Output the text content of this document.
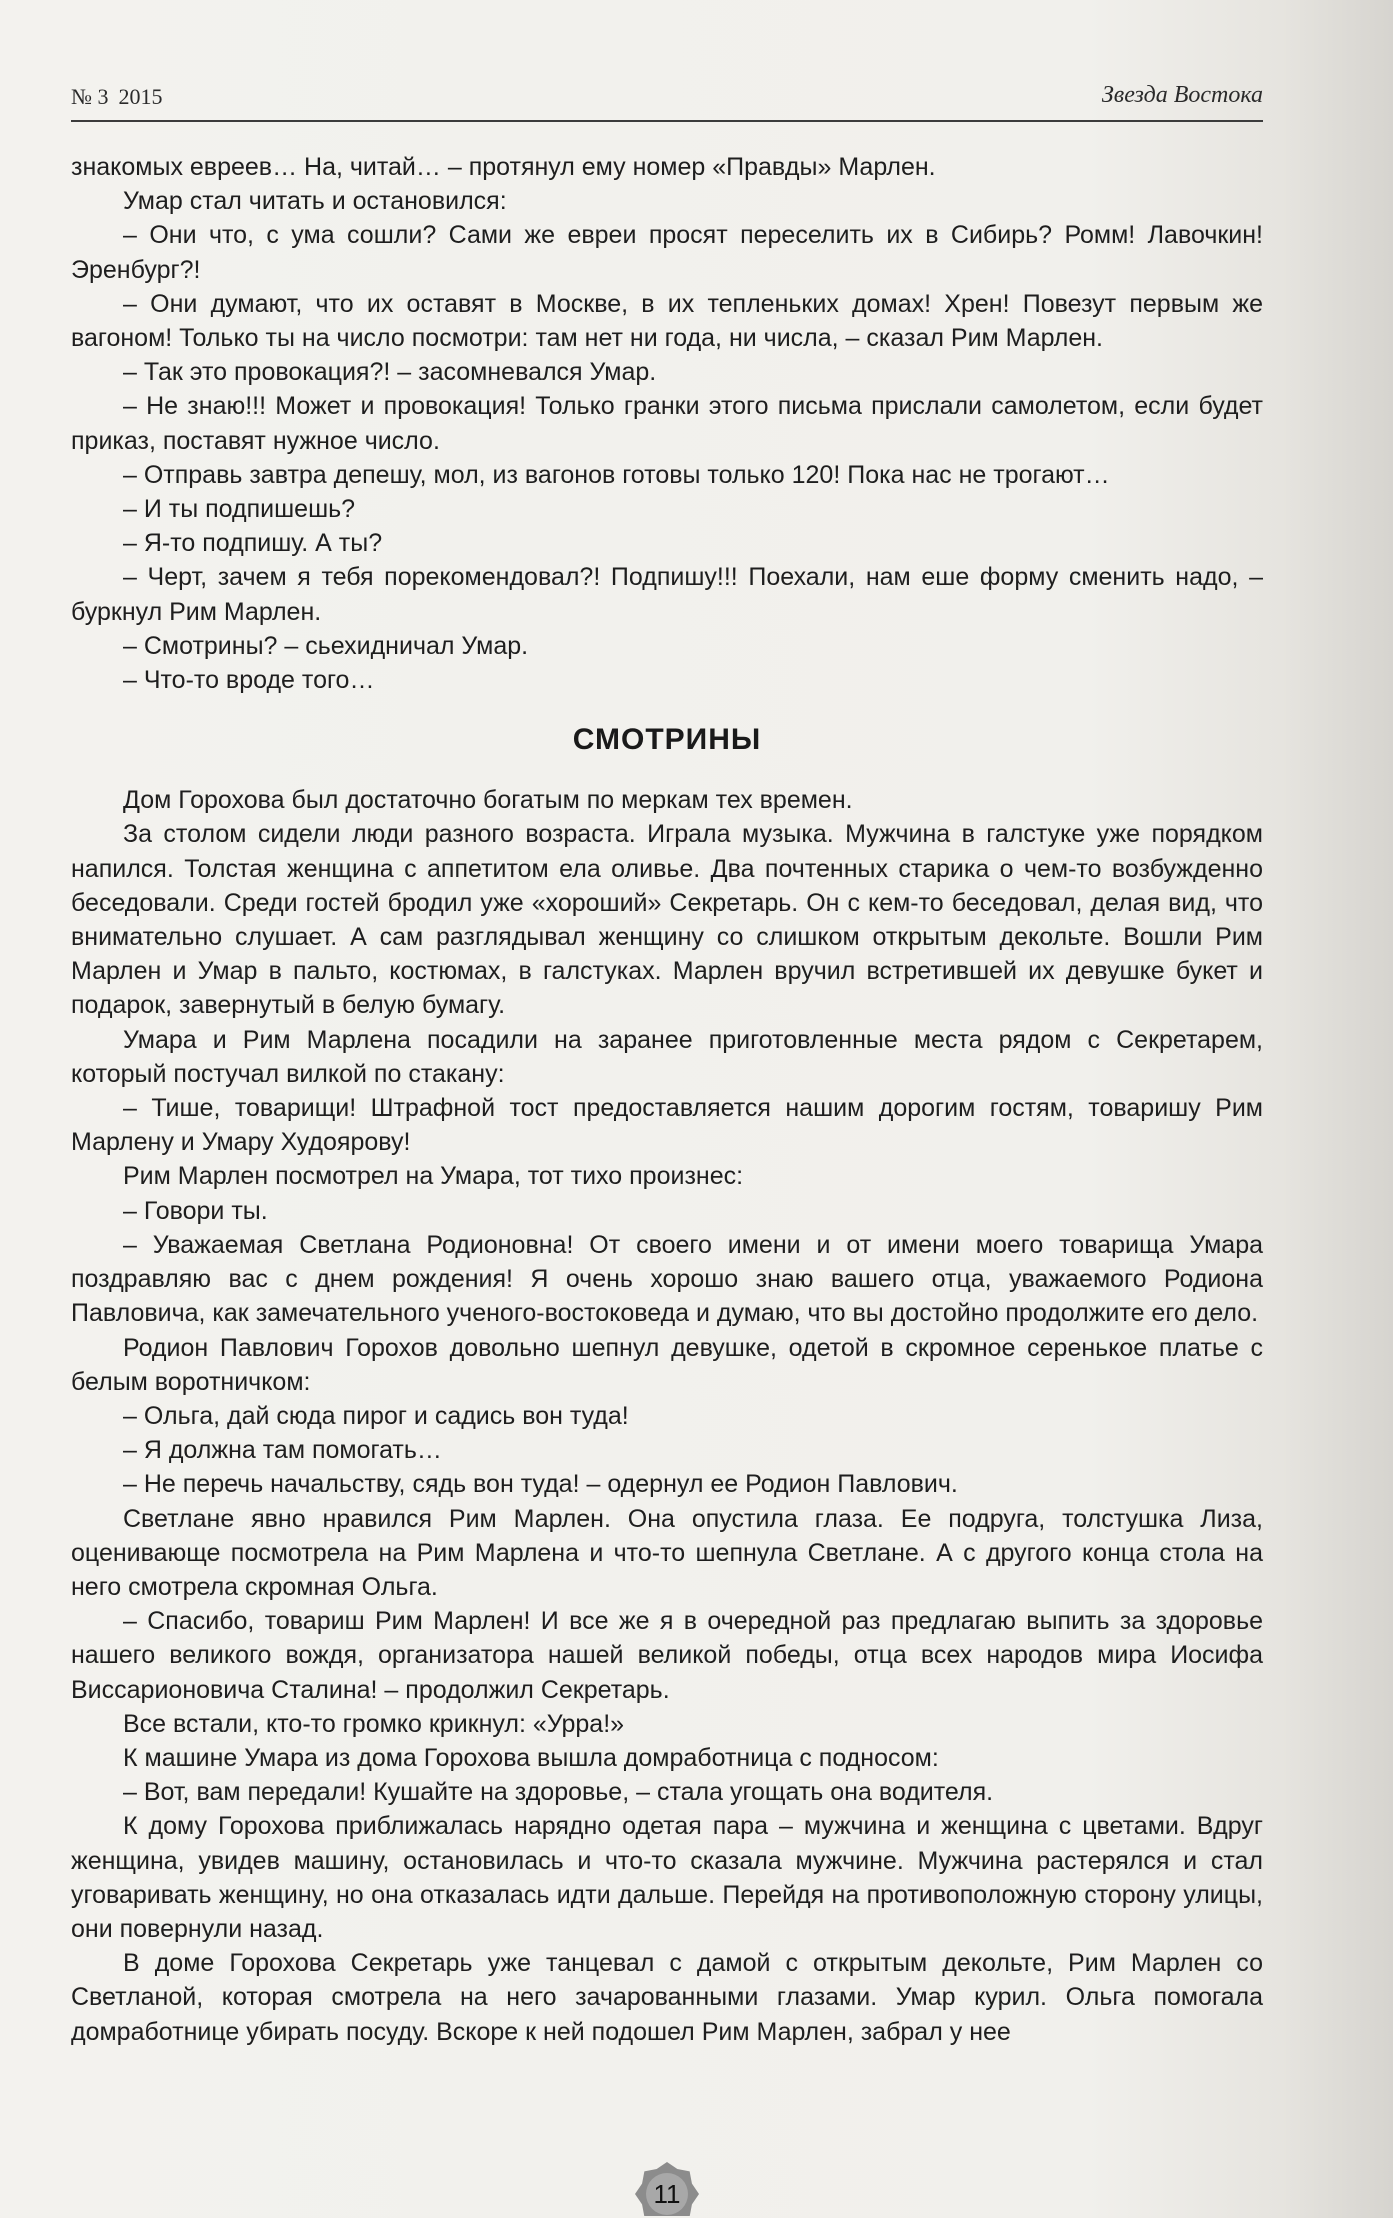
№ 3 2015	Звезда Востока

знакомых евреев… На, читай… – протянул ему номер «Правды» Марлен.

Умар стал читать и остановился:

– Они что, с ума сошли? Сами же евреи просят переселить их в Сибирь? Ромм! Лавочкин! Эренбург?!

– Они думают, что их оставят в Москве, в их тепленьких домах! Хрен! Повезут первым же вагоном! Только ты на число посмотри: там нет ни года, ни числа, – сказал Рим Марлен.

– Так это провокация?! – засомневался Умар.

– Не знаю!!! Может и провокация! Только гранки этого письма прислали самолетом, если будет приказ, поставят нужное число.

– Отправь завтра депешу, мол, из вагонов готовы только 120! Пока нас не трогают…

– И ты подпишешь?

– Я-то подпишу. А ты?

– Черт, зачем я тебя порекомендовал?! Подпишу!!! Поехали, нам еше форму сменить надо, – буркнул Рим Марлен.

– Смотрины? – сьехидничал Умар.

– Что-то вроде того…

СМОТРИНЫ

Дом Горохова был достаточно богатым по меркам тех времен.

За столом сидели люди разного возраста. Играла музыка. Мужчина в галстуке уже порядком напился. Толстая женщина с аппетитом ела оливье. Два почтенных старика о чем-то возбужденно беседовали. Среди гостей бродил уже «хороший» Секретарь. Он с кем-то беседовал, делая вид, что внимательно слушает. А сам разглядывал женщину со слишком открытым декольте. Вошли Рим Марлен и Умар в пальто, костюмах, в галстуках. Марлен вручил встретившей их девушке букет и подарок, завернутый в белую бумагу.

Умара и Рим Марлена посадили на заранее приготовленные места рядом с Секретарем, который постучал вилкой по стакану:

– Тише, товарищи! Штрафной тост предоставляется нашим дорогим гостям, товаришу Рим Марлену и Умару Худоярову!

Рим Марлен посмотрел на Умара, тот тихо произнес:

– Говори ты.

– Уважаемая Светлана Родионовна! От своего имени и от имени моего товарища Умара поздравляю вас с днем рождения! Я очень хорошо знаю вашего отца, уважаемого Родиона Павловича, как замечательного ученого-востоковеда и думаю, что вы достойно продолжите его дело.

Родион Павлович Горохов довольно шепнул девушке, одетой в скромное серенькое платье с белым воротничком:

– Ольга, дай сюда пирог и садись вон туда!

– Я должна там помогать…

– Не перечь начальству, сядь вон туда! – одернул ее Родион Павлович.

Светлане явно нравился Рим Марлен. Она опустила глаза. Ее подруга, толстушка Лиза, оценивающе посмотрела на Рим Марлена и что-то шепнула Светлане. А с другого конца стола на него смотрела скромная Ольга.

– Спасибо, товариш Рим Марлен! И все же я в очередной раз предлагаю выпить за здоровье нашего великого вождя, организатора нашей великой победы, отца всех народов мира Иосифа Виссарионовича Сталина! – продолжил Секретарь.

Все встали, кто-то громко крикнул: «Урра!»

К машине Умара из дома Горохова вышла домработница с подносом:

– Вот, вам передали! Кушайте на здоровье, – стала угощать она водителя.

К дому Горохова приближалась нарядно одетая пара – мужчина и женщина с цветами. Вдруг женщина, увидев машину, остановилась и что-то сказала мужчине. Мужчина растерялся и стал уговаривать женщину, но она отказалась идти дальше. Перейдя на противоположную сторону улицы, они повернули назад.

В доме Горохова Секретарь уже танцевал с дамой с открытым декольте, Рим Марлен со Светланой, которая смотрела на него зачарованными глазами. Умар курил. Ольга помогала домработнице убирать посуду. Вскоре к ней подошел Рим Марлен, забрал у нее

11
